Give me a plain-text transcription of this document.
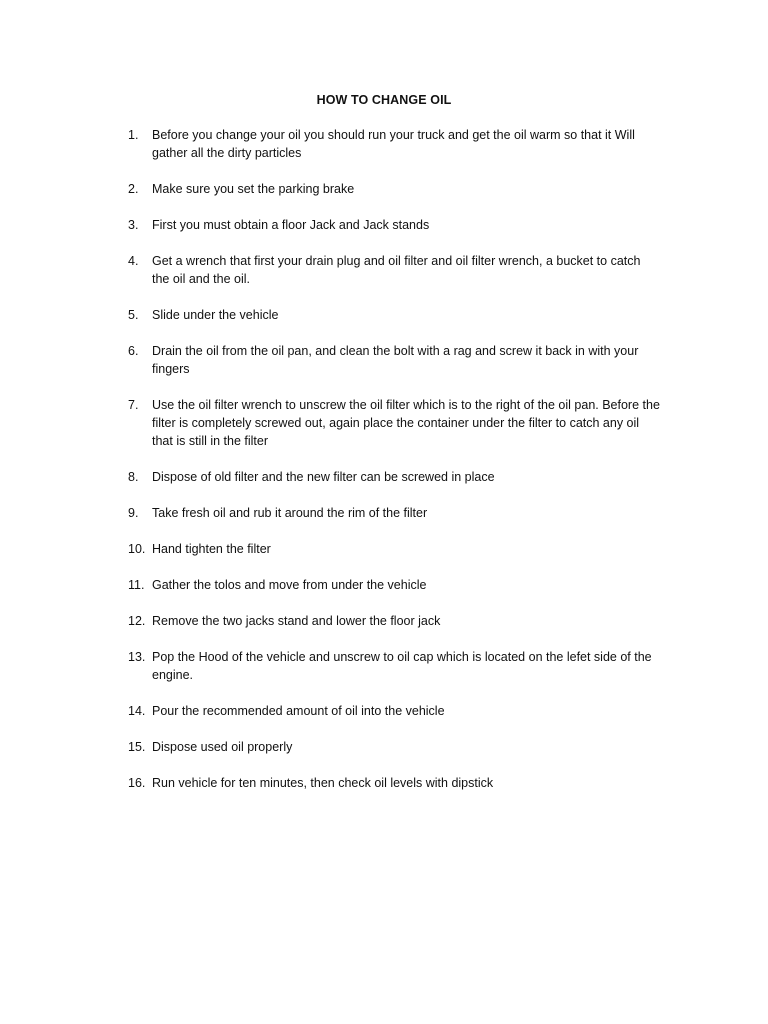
HOW TO CHANGE OIL
1.	Before you change your oil you should run your truck and get the oil warm so that it Will gather all the dirty particles
2.	Make sure you set the parking brake
3.	First you must obtain a floor Jack and Jack stands
4.	Get a wrench that first your drain plug and oil filter and oil filter wrench, a bucket to catch the oil and the oil.
5.	Slide under the vehicle
6.	Drain the oil from the oil pan, and clean the bolt with a rag and screw it back in with your fingers
7.	Use the oil filter wrench to unscrew the oil filter which is to the right of the oil pan. Before the filter is completely screwed out, again place the container under the filter to catch any oil that is still in the filter
8.	Dispose of old filter and the new filter can be screwed in place
9.	Take fresh oil and rub it around the rim of the filter
10. Hand tighten the filter
11. Gather the tolos and move from under the vehicle
12. Remove the two jacks stand and lower the floor jack
13. Pop the Hood of the vehicle and unscrew to oil cap which is located on the lefet side of the engine.
14. Pour the recommended amount of oil into the vehicle
15. Dispose used oil properly
16. Run vehicle for ten minutes, then check oil levels with dipstick
